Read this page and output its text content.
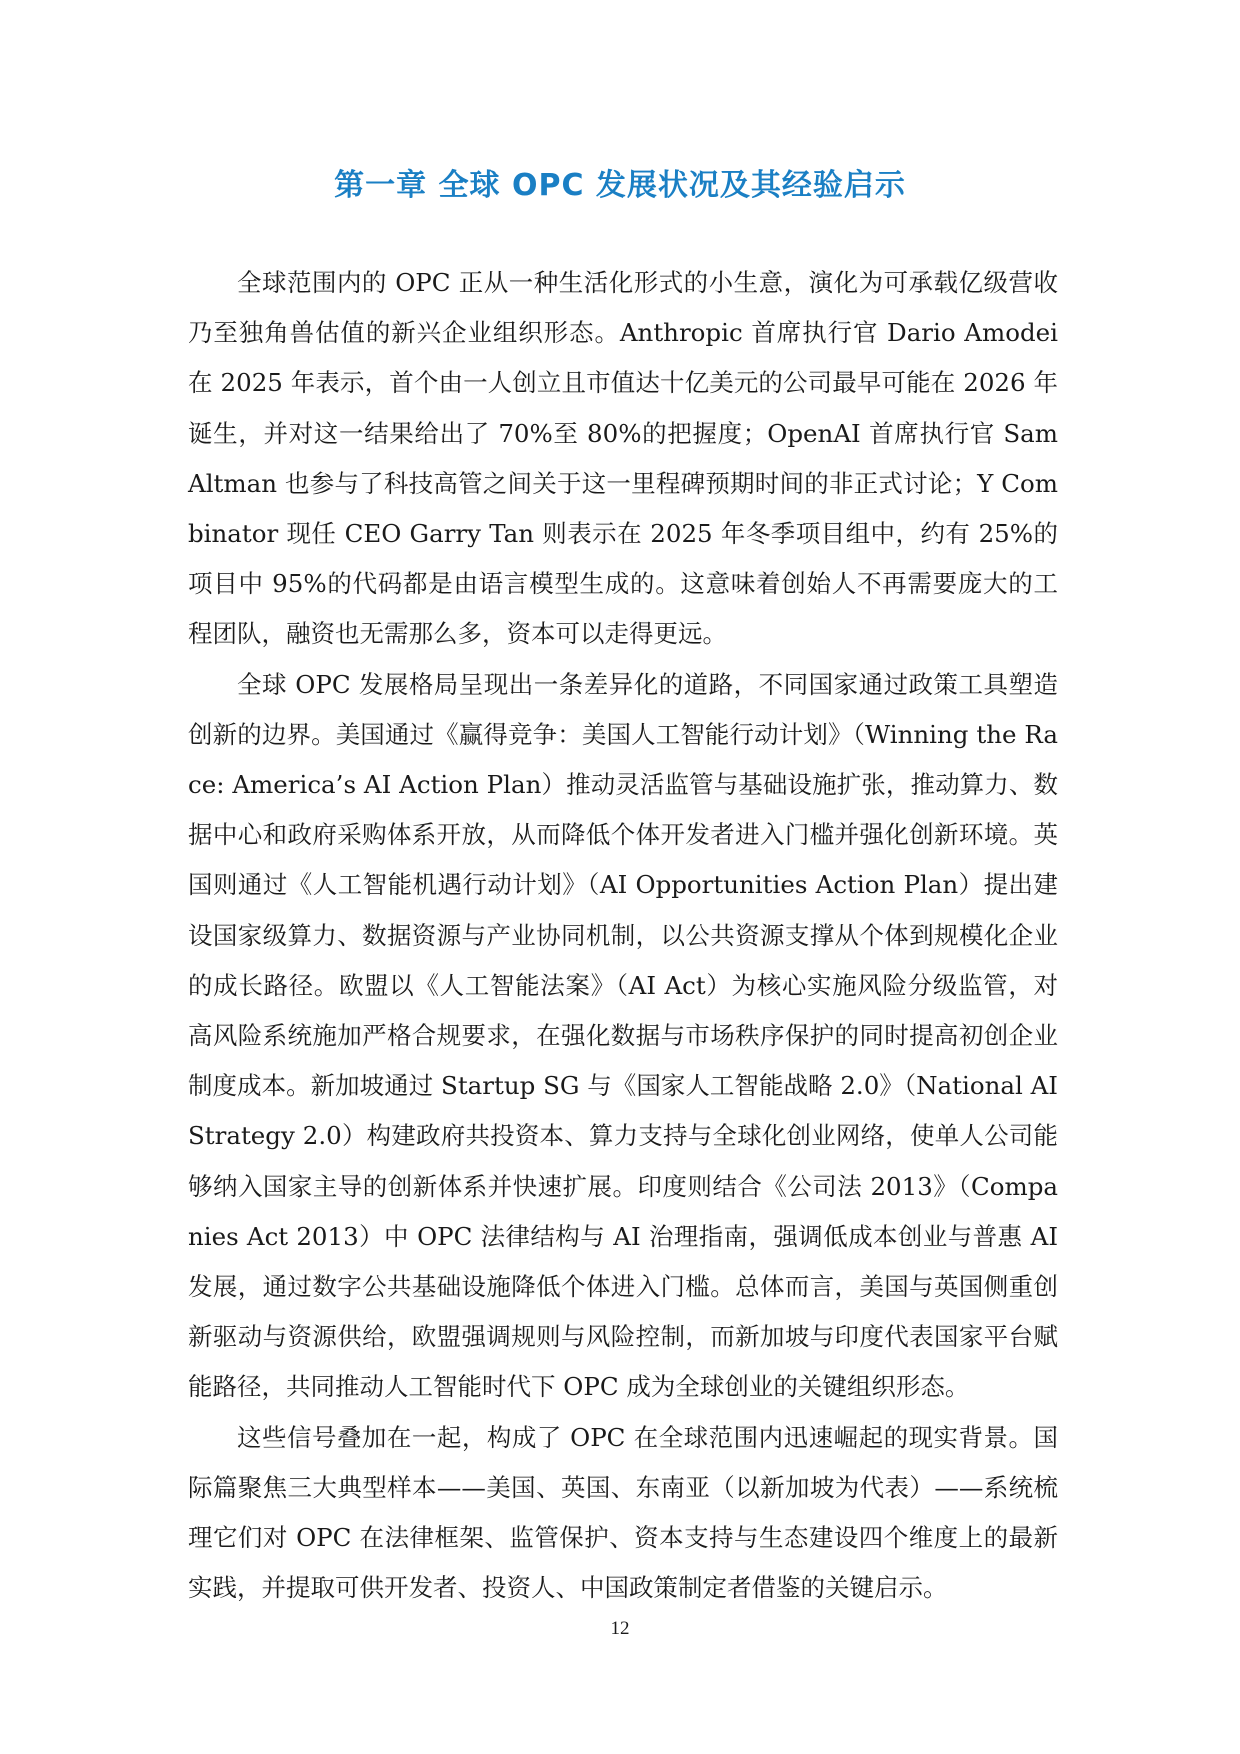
第一章 全球 OPC 发展状况及其经验启示

全球范围内的 OPC 正从一种生活化形式的小生意，演化为可承载亿级营收乃至独角兽估值的新兴企业组织形态。Anthropic 首席执行官 Dario Amodei 在 2025 年表示，首个由一人创立且市值达十亿美元的公司最早可能在 2026 年诞生，并对这一结果给出了 70%至 80%的把握度；OpenAI 首席执行官 Sam Altman 也参与了科技高管之间关于这一里程碑预期时间的非正式讨论；Y Combinator 现任 CEO Garry Tan 则表示在 2025 年冬季项目组中，约有 25%的项目中 95%的代码都是由语言模型生成的。这意味着创始人不再需要庞大的工程团队，融资也无需那么多，资本可以走得更远。

全球 OPC 发展格局呈现出一条差异化的道路，不同国家通过政策工具塑造创新的边界。美国通过《赢得竞争：美国人工智能行动计划》（Winning the Race: America’s AI Action Plan）推动灵活监管与基础设施扩张，推动算力、数据中心和政府采购体系开放，从而降低个体开发者进入门槛并强化创新环境。英国则通过《人工智能机遇行动计划》（AI Opportunities Action Plan）提出建设国家级算力、数据资源与产业协同机制，以公共资源支撑从个体到规模化企业的成长路径。欧盟以《人工智能法案》（AI Act）为核心实施风险分级监管，对高风险系统施加严格合规要求，在强化数据与市场秩序保护的同时提高初创企业制度成本。新加坡通过 Startup SG 与《国家人工智能战略 2.0》（National AI Strategy 2.0）构建政府共投资本、算力支持与全球化创业网络，使单人公司能够纳入国家主导的创新体系并快速扩展。印度则结合《公司法 2013》（Companies Act 2013）中 OPC 法律结构与 AI 治理指南，强调低成本创业与普惠 AI 发展，通过数字公共基础设施降低个体进入门槛。总体而言，美国与英国侧重创新驱动与资源供给，欧盟强调规则与风险控制，而新加坡与印度代表国家平台赋能路径，共同推动人工智能时代下 OPC 成为全球创业的关键组织形态。

这些信号叠加在一起，构成了 OPC 在全球范围内迅速崛起的现实背景。国际篇聚焦三大典型样本——美国、英国、东南亚（以新加坡为代表）——系统梳理它们对 OPC 在法律框架、监管保护、资本支持与生态建设四个维度上的最新实践，并提取可供开发者、投资人、中国政策制定者借鉴的关键启示。

12
